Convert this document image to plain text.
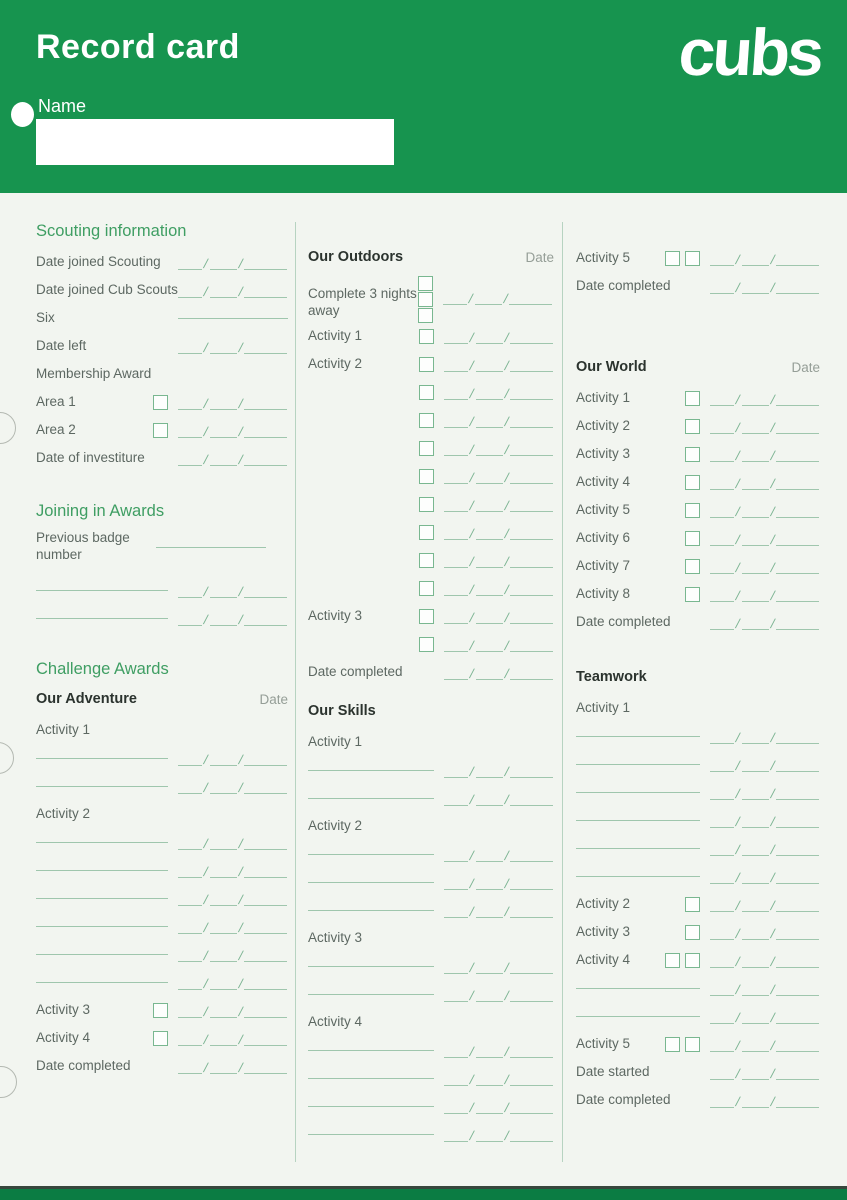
Record card	cubs
Name
Scouting information
Date joined Scouting	/ /
Date joined Cub Scouts / /
Six
Date left	/ /
Membership Award
Area 1	/ /
Area 2	/ /
Date of investiture	/ /
Joining in Awards
Previous badge number
/ /
/ /
Challenge Awards
Our Adventure	Date
Activity 1
/ /
/ /
Activity 2
/ /
/ /
/ /
/ /
/ /
/ /
Activity 3	/ /
Activity 4	/ /
Date completed	/ /
Our Outdoors	Date
Complete 3 nights away
/ /
Activity 1	/ /
Activity 2	/ /
/ /
/ /
/ /
/ /
/ /
/ /
/ /
/ /
Activity 3	/ /
/ /
Date completed	/ /
Our Skills
Activity 1
/ /
/ /
Activity 2
/ /
/ /
/ /
Activity 3
/ /
/ /
Activity 4
/ /
/ /
/ /
/ /
Activity 5	/ /
Date completed	/ /
Our World	Date
Activity 1	/ /
Activity 2	/ /
Activity 3	/ /
Activity 4	/ /
Activity 5	/ /
Activity 6	/ /
Activity 7	/ /
Activity 8	/ /
Date completed	/ /
Teamwork
Activity 1
/ /
/ /
/ /
/ /
/ /
/ /
Activity 2	/ /
Activity 3	/ /
Activity 4	/ /
/ /
/ /
Activity 5	/ /
Date started	/ /
Date completed	/ /
